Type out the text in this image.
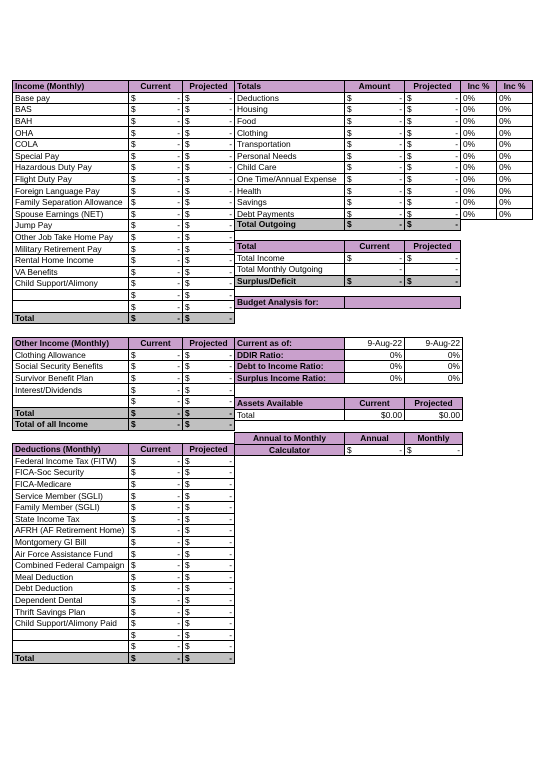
Income (Monthly)	Current	Projected
Base pay	$ -	$ -

BAS	$ -	$ -

BAH	$ -	$ -

OHA	$ -	$ -

COLA	$ -	$ -

Special Pay	$ -	$ -

Hazardous Duty Pay	$ -	$ -

Flight Duty Pay	$ -	$ -

Foreign Language Pay	$ -	$ -

Family Separation Allowance	$ -	$ -

Spouse Earnings (NET)	$ -	$ -

Jump Pay	$ -	$ -

Other Job Take Home Pay	$ -	$ -

Military Retirement Pay	$ -	$ -

Rental Home Income	$ -	$ -

VA Benefits	$ -	$ -

Child Support/Alimony	$ -	$ -

	$ -	$ -

	$ -	$ -

Total	$ -	$ -
Totals	Amount	Projected	Inc %	Inc %
Deductions	$ -	$ -	0%	0%
Housing	$ -	$ -	0%	0%
Food	$ -	$ -	0%	0%
Clothing	$ -	$ -	0%	0%
Transportation	$ -	$ -	0%	0%
Personal Needs	$ -	$ -	0%	0%
Child Care	$ -	$ -	0%	0%
One Time/Annual Expense	$ -	$ -	0%	0%
Health	$ -	$ -	0%	0%
Savings	$ -	$ -	0%	0%
Debt Payments	$ -	$ -	0%	0%
Total Outgoing	$	-	$	-
Total	Current	Projected
Total Income	$ -	$ -

Total Monthly Outgoing	-	-
Surplus/Deficit	$ -	$ -
Budget Analysis for:	
Other Income (Monthly)	Current	Projected
Clothing Allowance	$ -	$ -

Social Security Benefits	$ -	$ -

Survivor Benefit Plan	$ -	$ -

Interest/Dividends	$ -	$ -

	$ -	$ -

Total	$ -	$ -

Total of all Income	$ -	$ -
Current as of:	9-Aug-22	9-Aug-22
DDIR Ratio:	0%	0%
Debt to Income Ratio:	0%	0%
Surplus Income Ratio:	0%	0%
Assets Available	Current	Projected
Total	$0.00	$0.00
Annual to Monthly	Annual	Monthly
Calculator	$ -	$ -
Deductions (Monthly)	Current	Projected
Federal Income Tax (FITW)	$ -	$ -

FICA-Soc Security	$ -	$ -

FICA-Medicare	$ -	$ -

Service Member (SGLI)	$ -	$ -

Family Member (SGLI)	$ -	$ -

State Income Tax	$ -	$ -

AFRH (AF Retirement Home)	$ -	$ -

Montgomery GI Bill	$ -	$ -

Air Force Assistance Fund	$ -	$ -

Combined Federal Campaign	$ -	$ -

Meal Deduction	$ -	$ -

Debt Deduction	$ -	$ -

Dependent Dental	$ -	$ -

Thrift Savings Plan	$ -	$ -

Child Support/Alimony Paid	$ -	$ -

	$ -	$ -

	$ -	$ -

Total	$ -	$ -
